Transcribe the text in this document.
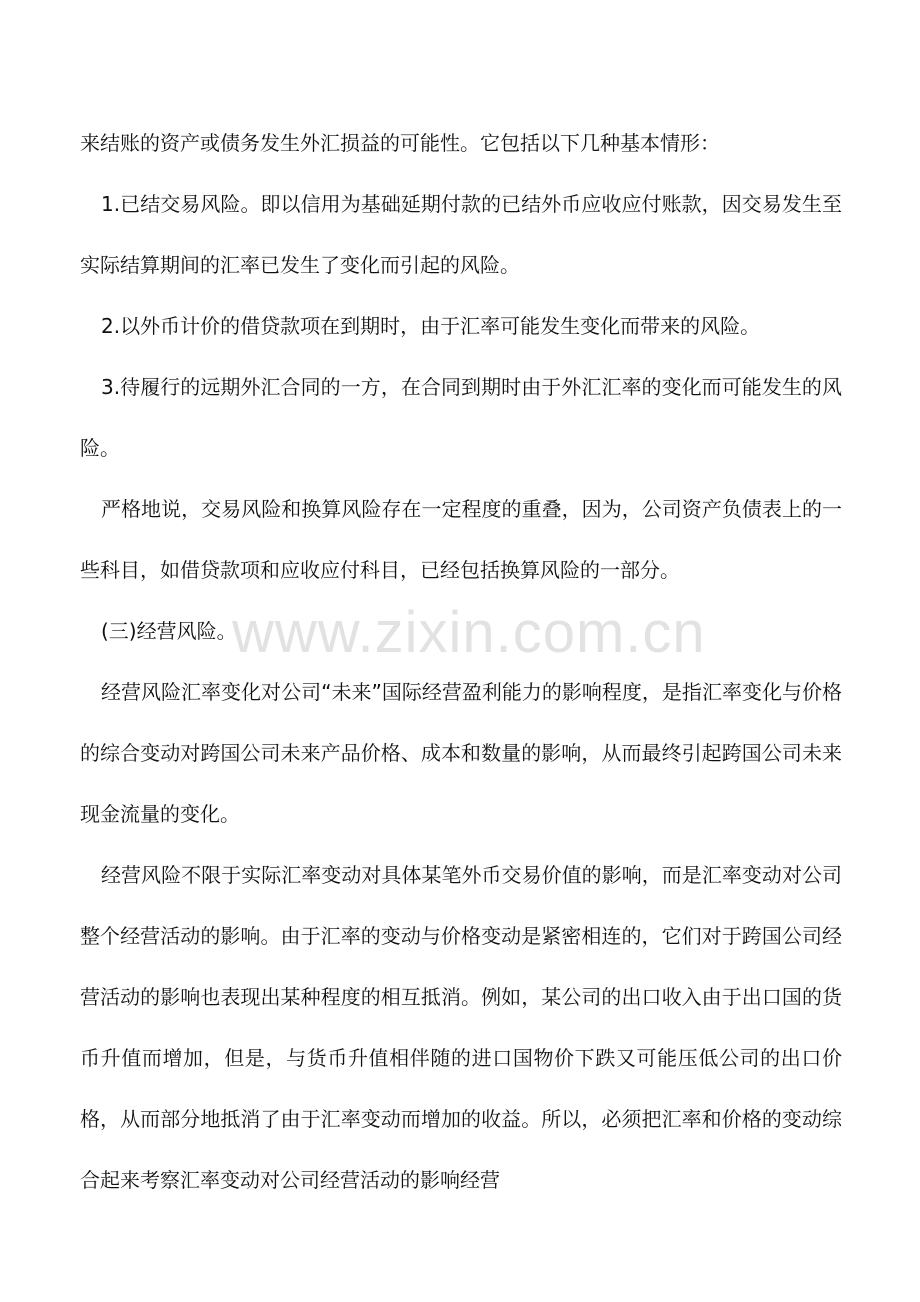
来结账的资产或债务发生外汇损益的可能性。它包括以下几种基本情形：

1.已结交易风险。即以信用为基础延期付款的已结外币应收应付账款，因交易发生至实际结算期间的汇率已发生了变化而引起的风险。

2.以外币计价的借贷款项在到期时，由于汇率可能发生变化而带来的风险。

3.待履行的远期外汇合同的一方，在合同到期时由于外汇汇率的变化而可能发生的风险。

严格地说，交易风险和换算风险存在一定程度的重叠，因为，公司资产负债表上的一些科目，如借贷款项和应收应付科目，已经包括换算风险的一部分。

(三)经营风险。

经营风险汇率变化对公司“未来”国际经营盈利能力的影响程度，是指汇率变化与价格的综合变动对跨国公司未来产品价格、成本和数量的影响，从而最终引起跨国公司未来现金流量的变化。

经营风险不限于实际汇率变动对具体某笔外币交易价值的影响，而是汇率变动对公司整个经营活动的影响。由于汇率的变动与价格变动是紧密相连的，它们对于跨国公司经营活动的影响也表现出某种程度的相互抵消。例如，某公司的出口收入由于出口国的货币升值而增加，但是，与货币升值相伴随的进口国物价下跌又可能压低公司的出口价格，从而部分地抵消了由于汇率变动而增加的收益。所以，必须把汇率和价格的变动综合起来考察汇率变动对公司经营活动的影响经营

www.zixin.com.cn
